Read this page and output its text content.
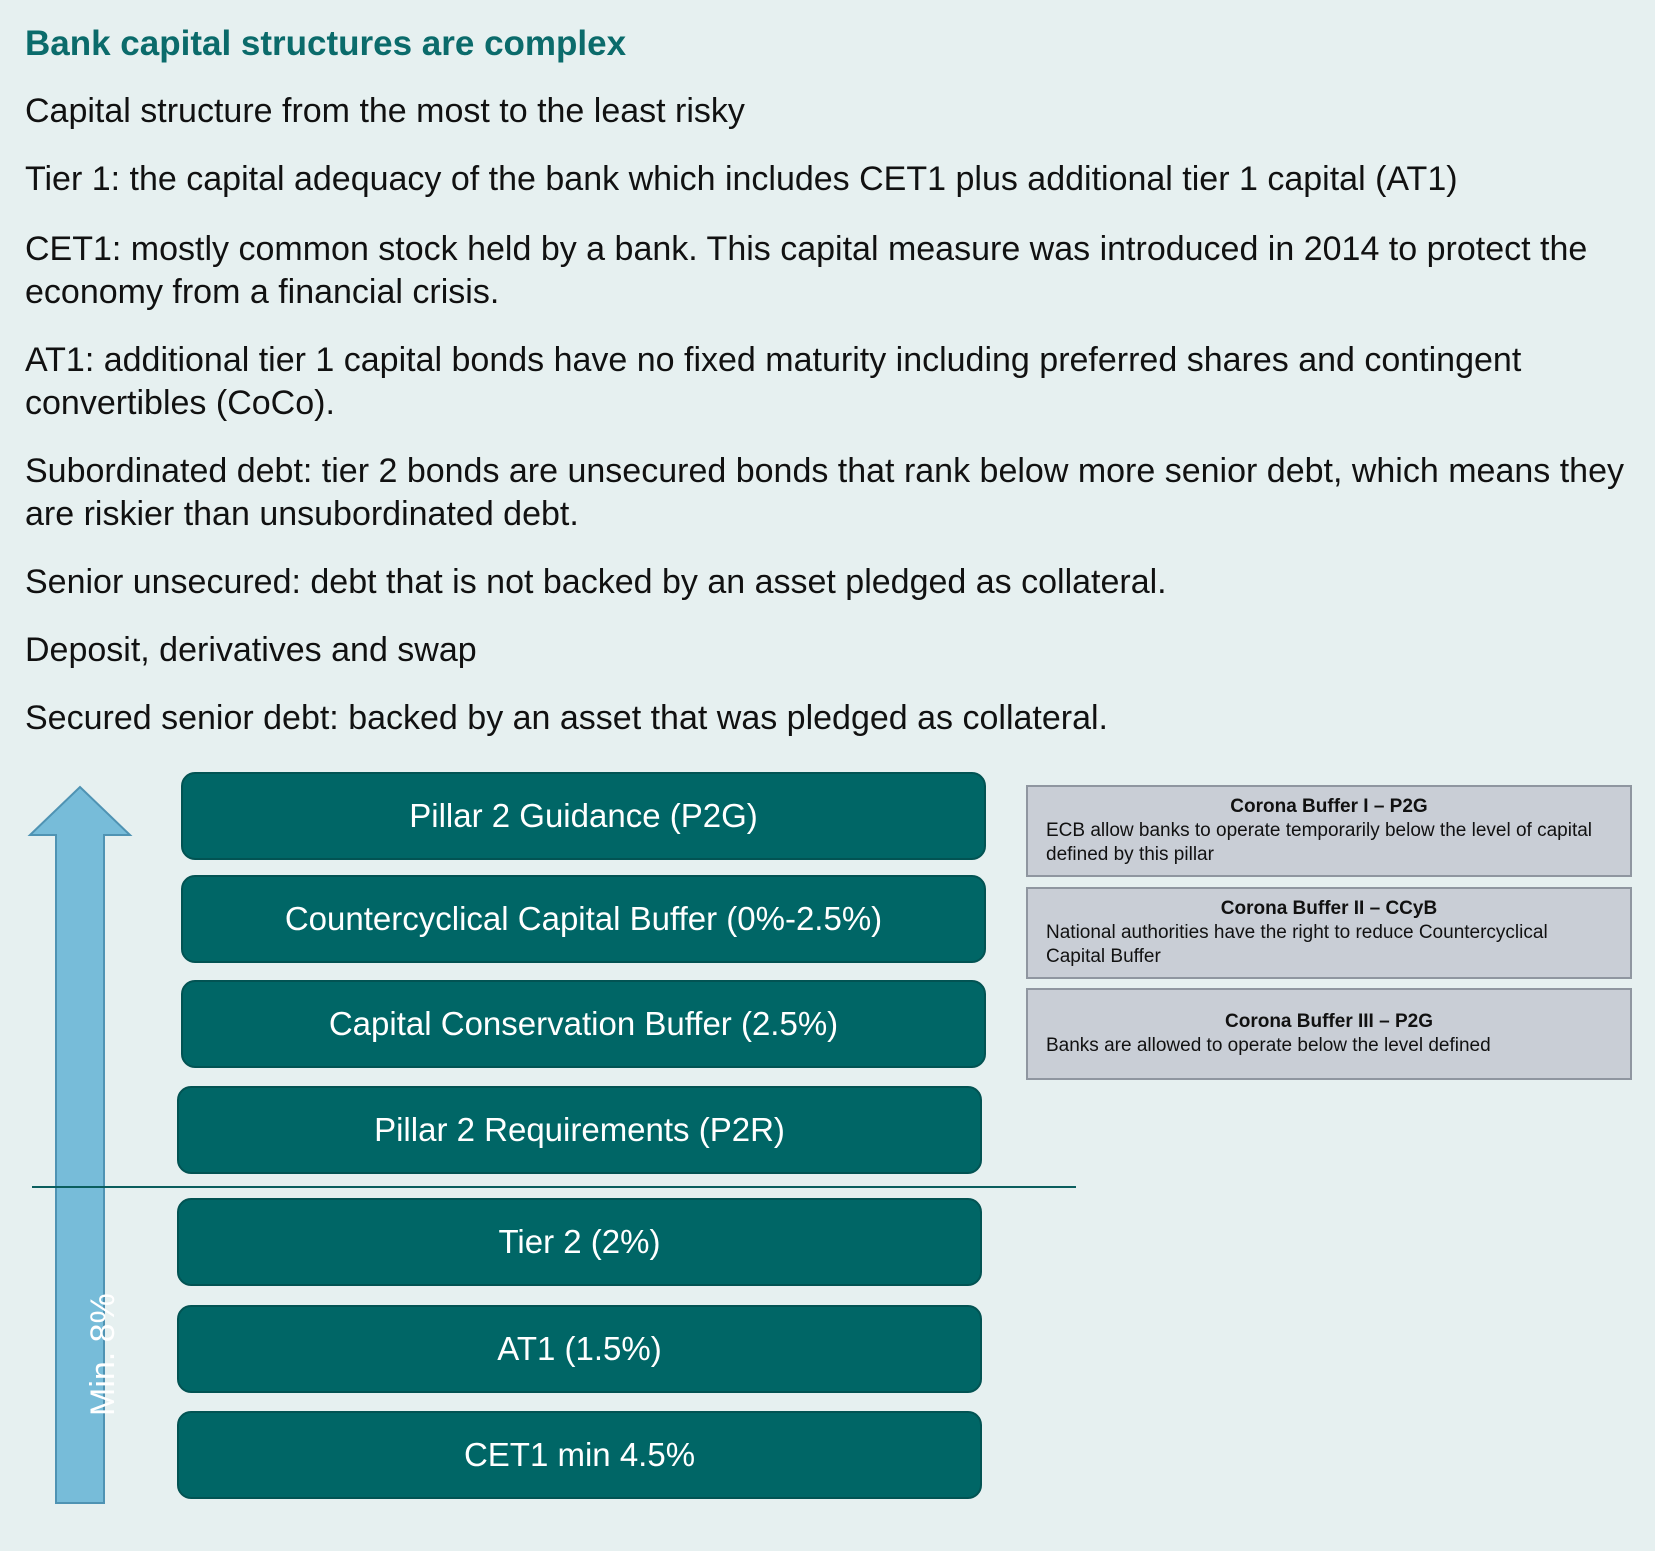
Bank capital structures are complex
Capital structure from the most to the least risky
Tier 1: the capital adequacy of the bank which includes CET1 plus additional tier 1 capital (AT1)
CET1: mostly common stock held by a bank. This capital measure was introduced in 2014 to protect the economy from a financial crisis.
AT1: additional tier 1 capital bonds have no fixed maturity including preferred shares and contingent convertibles (CoCo).
Subordinated debt: tier 2 bonds are unsecured bonds that rank below more senior debt, which means they are riskier than unsubordinated debt.
Senior unsecured: debt that is not backed by an asset pledged as collateral.
Deposit, derivatives and swap
Secured senior debt: backed by an asset that was pledged as collateral.
Min. 8%
Pillar 2 Guidance (P2G)
Countercyclical Capital Buffer (0%-2.5%)
Capital Conservation Buffer (2.5%)
Pillar 2 Requirements (P2R)
Tier 2 (2%)
AT1 (1.5%)
CET1 min 4.5%
Corona Buffer I – P2G
ECB allow banks to operate temporarily below the level of capital defined by this pillar
Corona Buffer II – CCyB
National authorities have the right to reduce Countercyclical Capital Buffer
Corona Buffer III – P2G
Banks are allowed to operate below the level defined
